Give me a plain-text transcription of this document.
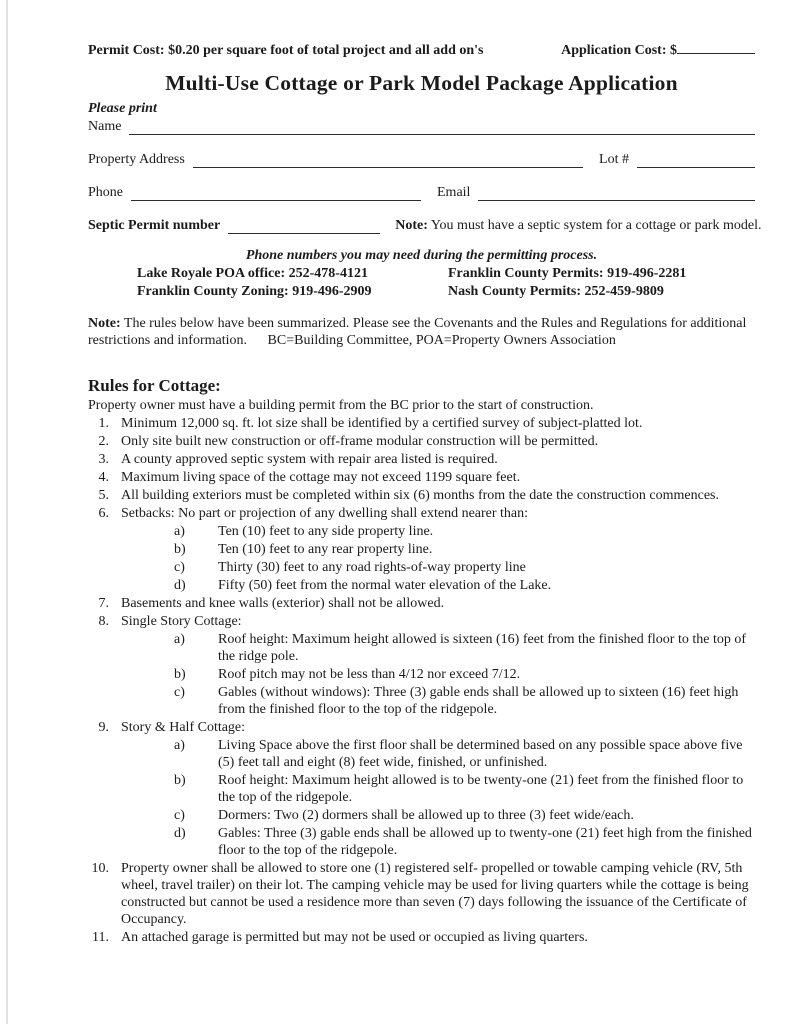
Permit Cost: $0.20 per square foot of total project and all add on's	Application Cost: $
Multi-Use Cottage or Park Model Package Application
Please print
Name
Property Address	Lot #
Phone	Email
Septic Permit number	Note: You must have a septic system for a cottage or park model.
Phone numbers you may need during the permitting process.
Lake Royale POA office: 252-478-4121	Franklin County Permits: 919-496-2281
Franklin County Zoning: 919-496-2909	Nash County Permits: 252-459-9809
Note: The rules below have been summarized. Please see the Covenants and the Rules and Regulations for additional restrictions and information. BC=Building Committee, POA=Property Owners Association
Rules for Cottage:
Property owner must have a building permit from the BC prior to the start of construction.
Minimum 12,000 sq. ft. lot size shall be identified by a certified survey of subject-platted lot.
Only site built new construction or off-frame modular construction will be permitted.
A county approved septic system with repair area listed is required.
Maximum living space of the cottage may not exceed 1199 square feet.
All building exteriors must be completed within six (6) months from the date the construction commences.
Setbacks: No part or projection of any dwelling shall extend nearer than:
Ten (10) feet to any side property line.
Ten (10) feet to any rear property line.
Thirty (30) feet to any road rights-of-way property line
Fifty (50) feet from the normal water elevation of the Lake.
Basements and knee walls (exterior) shall not be allowed.
Single Story Cottage:
Roof height: Maximum height allowed is sixteen (16) feet from the finished floor to the top of the ridge pole.
Roof pitch may not be less than 4/12 nor exceed 7/12.
Gables (without windows): Three (3) gable ends shall be allowed up to sixteen (16) feet high from the finished floor to the top of the ridgepole.
Story & Half Cottage:
Living Space above the first floor shall be determined based on any possible space above five (5) feet tall and eight (8) feet wide, finished, or unfinished.
Roof height: Maximum height allowed is to be twenty-one (21) feet from the finished floor to the top of the ridgepole.
Dormers: Two (2) dormers shall be allowed up to three (3) feet wide/each.
Gables: Three (3) gable ends shall be allowed up to twenty-one (21) feet high from the finished floor to the top of the ridgepole.
Property owner shall be allowed to store one (1) registered self- propelled or towable camping vehicle (RV, 5th wheel, travel trailer) on their lot. The camping vehicle may be used for living quarters while the cottage is being constructed but cannot be used a residence more than seven (7) days following the issuance of the Certificate of Occupancy.
An attached garage is permitted but may not be used or occupied as living quarters.
